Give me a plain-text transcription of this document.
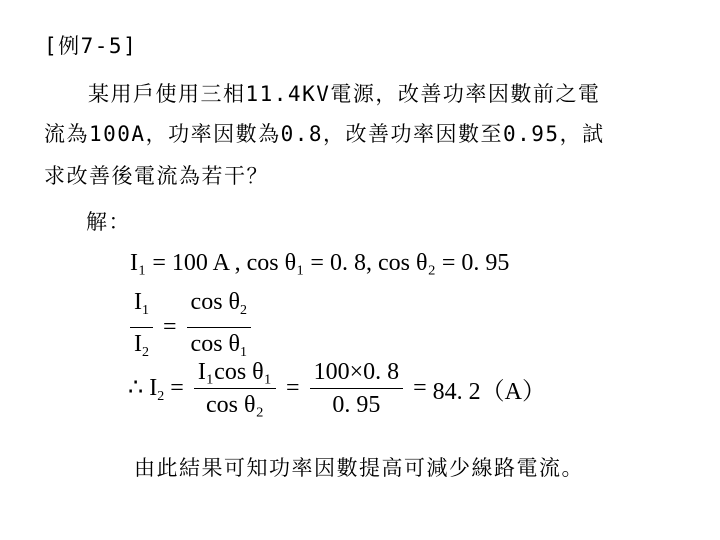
[例7-5]
某用戶使用三相11.4KV電源，改善功率因數前之電
流為100A，功率因數為0.8，改善功率因數至0.95，試
求改善後電流為若干？
解：
I₁ = 100 A , cos θ₁ = 0. 8, cos θ₂ = 0. 95
$\frac{I_1}{I_2} = \frac{\cos \theta_2}{\cos \theta_1}$
∴ $I_2 = \frac{\text{I₁cos θ₁}}{\text{cos θ₂}} = \frac{100\times 0. 8}{0. 95} = 84$. 2（A）
由此結果可知功率因數提高可減少線路電流。
